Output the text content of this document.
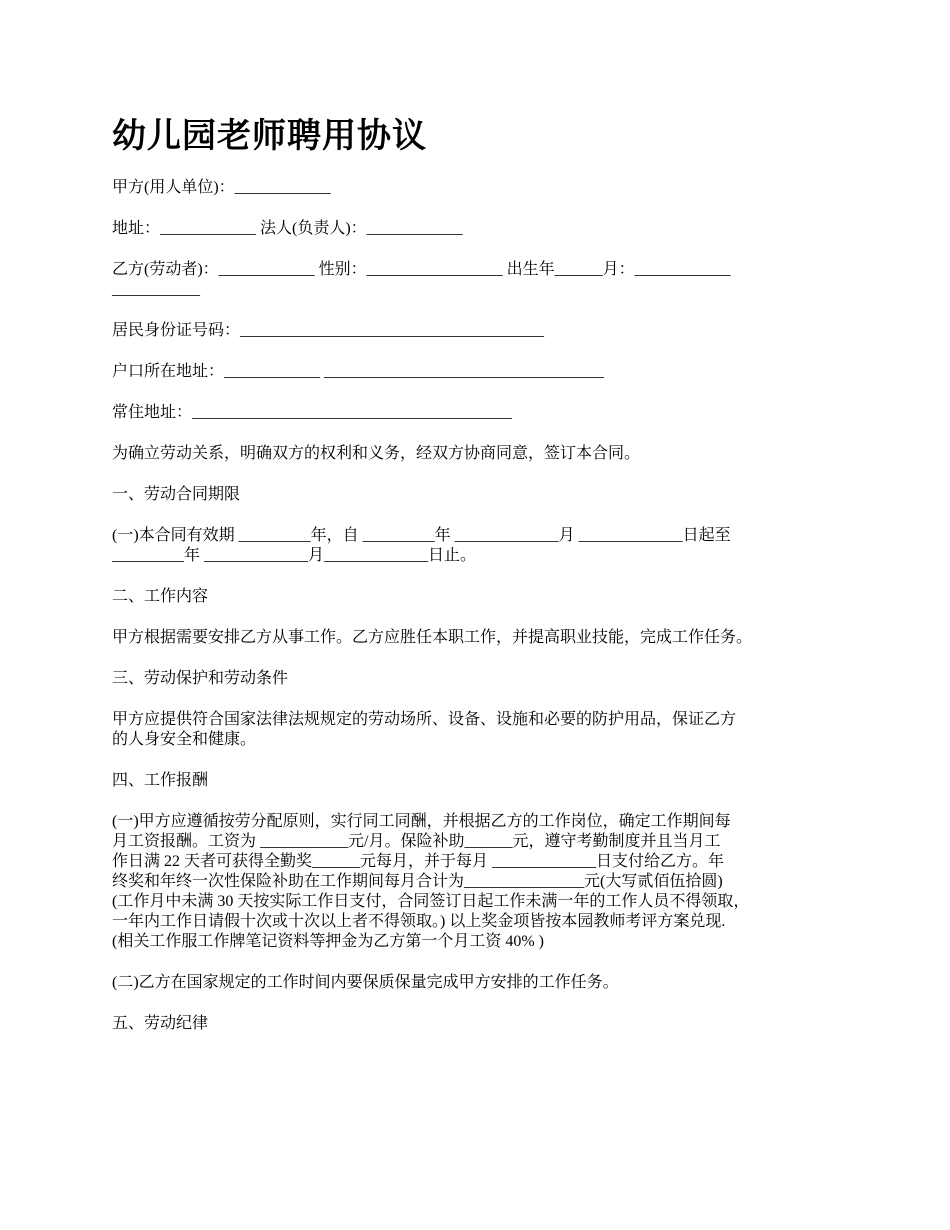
幼儿园老师聘用协议
甲方(用人单位)：____________
地址：____________ 法人(负责人)：____________
乙方(劳动者)：____________ 性别：_________________ 出生年______月：____________
___________
居民身份证号码：______________________________________
户口所在地址：____________ ___________________________________
常住地址：________________________________________
为确立劳动关系，明确双方的权利和义务，经双方协商同意，签订本合同。
一、劳动合同期限
(一)本合同有效期 _________年，自 _________年 _____________月 _____________日起至
_________年 _____________月_____________日止。
二、工作内容
甲方根据需要安排乙方从事工作。乙方应胜任本职工作，并提高职业技能，完成工作任务。
三、劳动保护和劳动条件
甲方应提供符合国家法律法规规定的劳动场所、设备、设施和必要的防护用品，保证乙方
的人身安全和健康。
四、工作报酬
(一)甲方应遵循按劳分配原则，实行同工同酬，并根据乙方的工作岗位，确定工作期间每
月工资报酬。工资为 ___________元/月。保险补助______元，遵守考勤制度并且当月工
作日满 22 天者可获得全勤奖______元每月，并于每月 _____________日支付给乙方。年
终奖和年终一次性保险补助在工作期间每月合计为_______________元(大写贰佰伍拾圆)
(工作月中未满 30 天按实际工作日支付，合同签订日起工作未满一年的工作人员不得领取，
一年内工作日请假十次或十次以上者不得领取。) 以上奖金项皆按本园教师考评方案兑现.
(相关工作服工作牌笔记资料等押金为乙方第一个月工资 40% )
(二)乙方在国家规定的工作时间内要保质保量完成甲方安排的工作任务。
五、劳动纪律
